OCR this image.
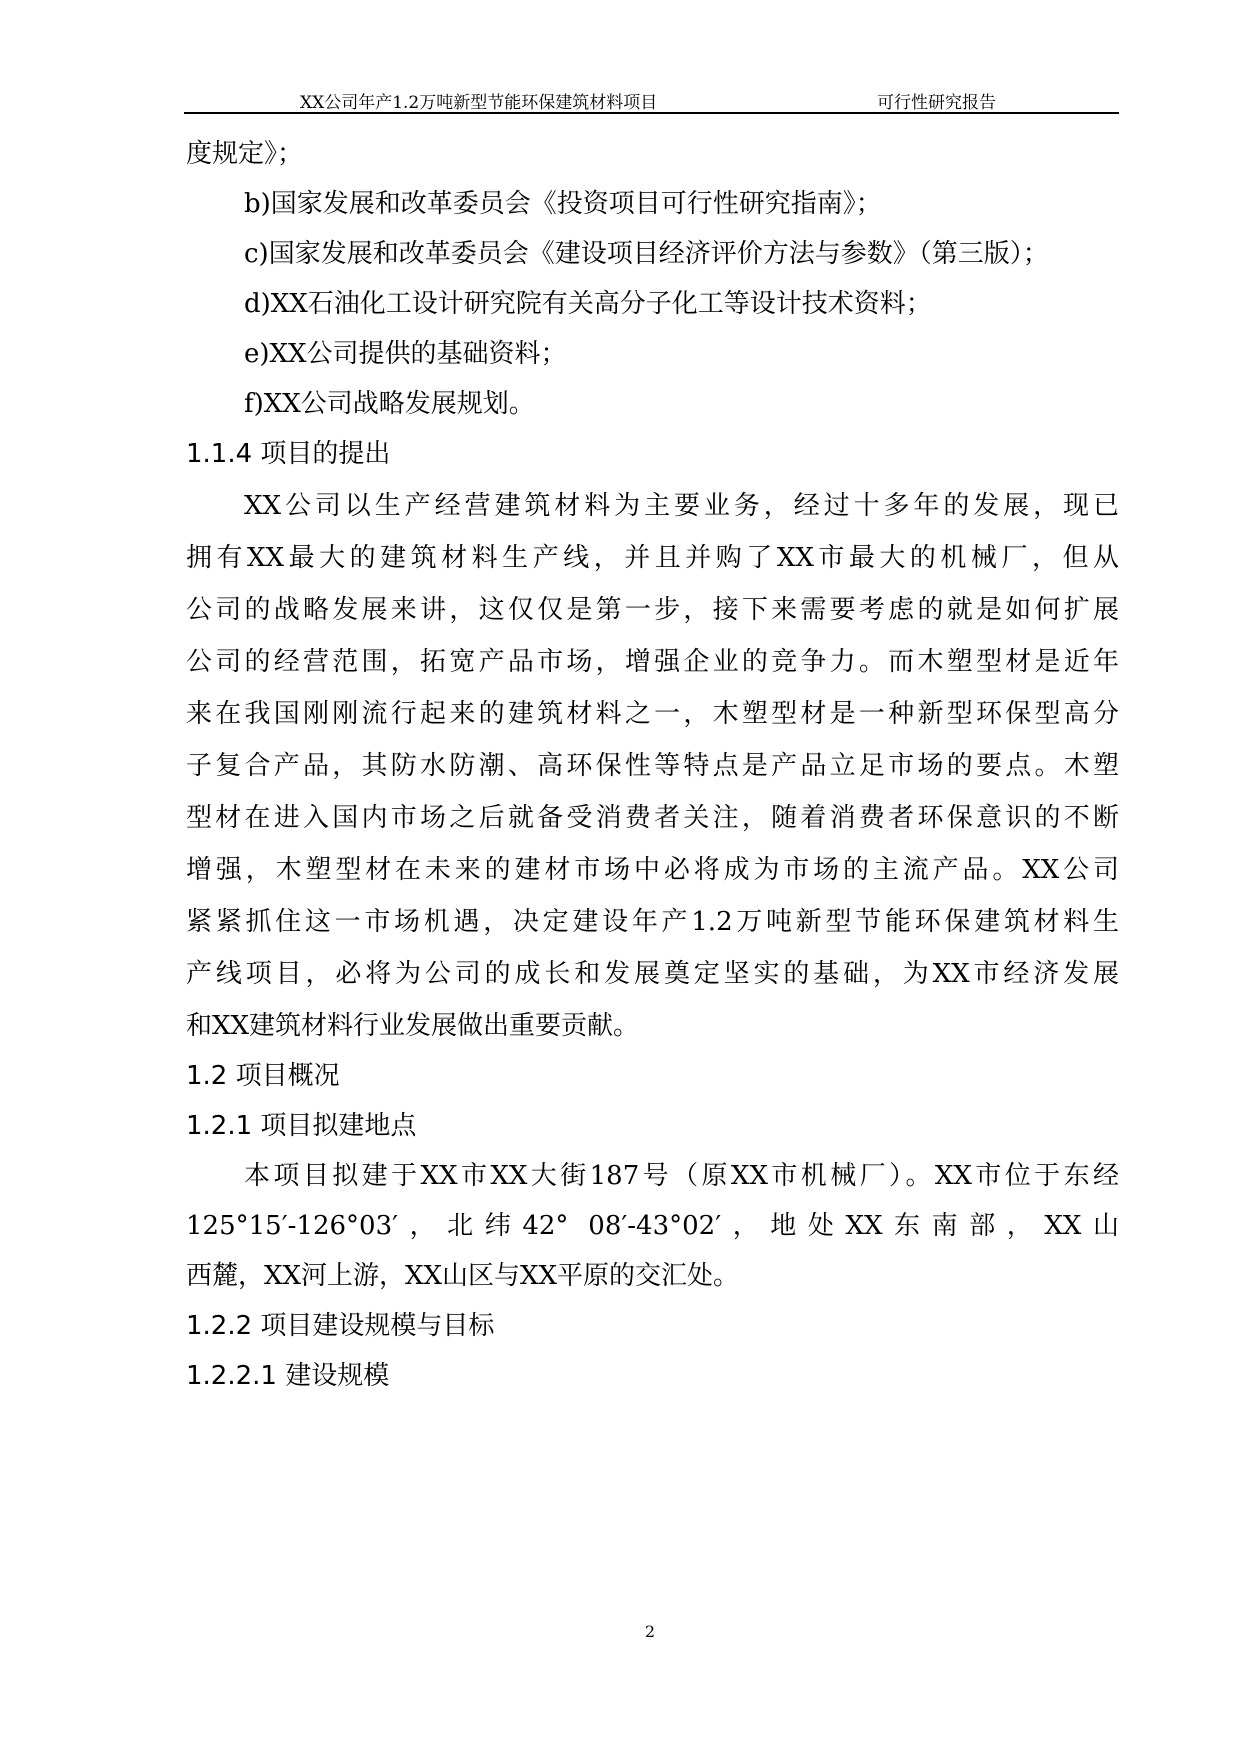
XX公司年产1.2万吨新型节能环保建筑材料项目	可行性研究报告
度规定》；
b)国家发展和改革委员会《投资项目可行性研究指南》；
c)国家发展和改革委员会《建设项目经济评价方法与参数》（第三版）；
d)XX石油化工设计研究院有关高分子化工等设计技术资料；
e)XX公司提供的基础资料；
f)XX公司战略发展规划。
1.1.4 项目的提出
XX公司以生产经营建筑材料为主要业务，经过十多年的发展，现已
拥有XX最大的建筑材料生产线，并且并购了XX市最大的机械厂，但从
公司的战略发展来讲，这仅仅是第一步，接下来需要考虑的就是如何扩展
公司的经营范围，拓宽产品市场，增强企业的竞争力。而木塑型材是近年
来在我国刚刚流行起来的建筑材料之一，木塑型材是一种新型环保型高分
子复合产品，其防水防潮、高环保性等特点是产品立足市场的要点。木塑
型材在进入国内市场之后就备受消费者关注，随着消费者环保意识的不断
增强，木塑型材在未来的建材市场中必将成为市场的主流产品。XX公司
紧紧抓住这一市场机遇，决定建设年产1.2万吨新型节能环保建筑材料生
产线项目，必将为公司的成长和发展奠定坚实的基础，为XX市经济发展
和XX建筑材料行业发展做出重要贡献。
1.2 项目概况
1.2.1 项目拟建地点
本项目拟建于XX市XX大街187号（原XX市机械厂）。XX市位于东经
125°15′-126°03′，北纬42° 08′-43°02′，地处XX东南部，XX山
西麓，XX河上游，XX山区与XX平原的交汇处。
1.2.2 项目建设规模与目标
1.2.2.1 建设规模
2
